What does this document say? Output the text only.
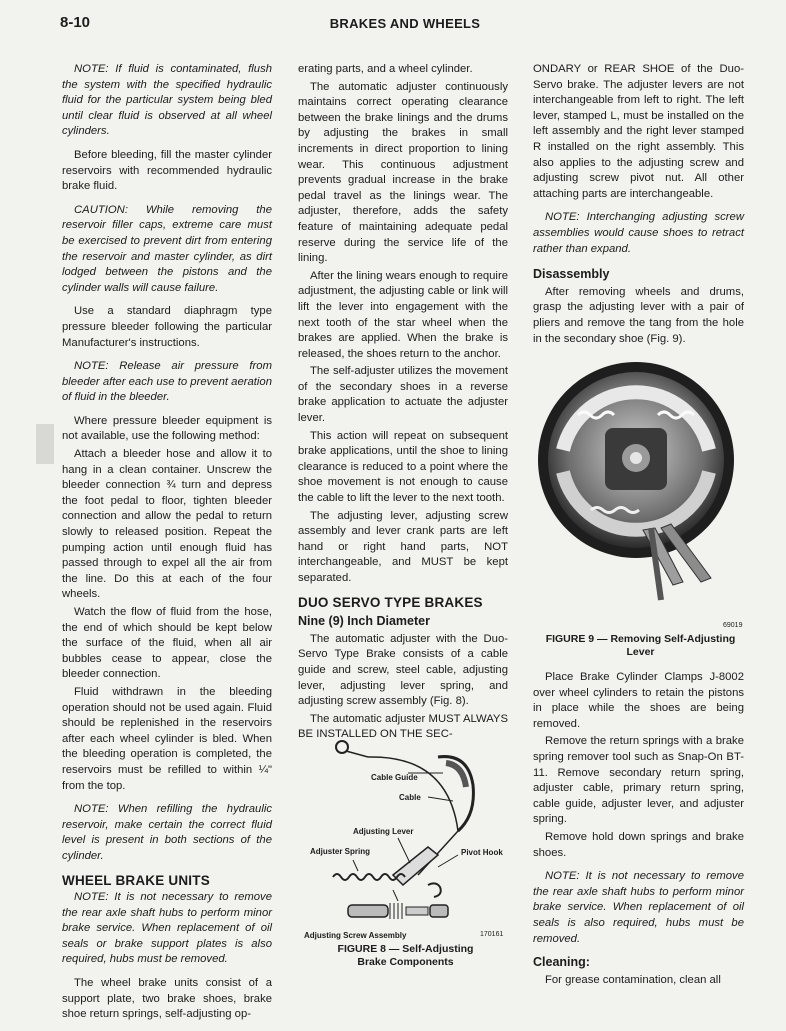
8-10	BRAKES AND WHEELS

NOTE: If fluid is contaminated, flush the system with the specified hydraulic fluid for the particular system being bled until clear fluid is observed at all wheel cylinders.

Before bleeding, fill the master cylinder reservoirs with recommended hydraulic brake fluid.

CAUTION: While removing the reservoir filler caps, extreme care must be exercised to prevent dirt from entering the reservoir and master cylinder, as dirt lodged between the pistons and the cylinder walls will cause failure.

Use a standard diaphragm type pressure bleeder following the particular Manufacturer's instructions.

NOTE: Release air pressure from bleeder after each use to prevent aeration of fluid in the bleeder.

Where pressure bleeder equipment is not available, use the following method:

Attach a bleeder hose and allow it to hang in a clean container. Unscrew the bleeder connection ¾ turn and depress the foot pedal to floor, tighten bleeder connection and allow the pedal to return slowly to released position. Repeat the pumping action until enough fluid has passed through to expel all the air from the line. Do this at each of the four wheels.

Watch the flow of fluid from the hose, the end of which should be kept below the surface of the fluid, when all air bubbles cease to appear, close the bleeder connection.

Fluid withdrawn in the bleeding operation should not be used again. Fluid should be replenished in the reservoirs after each wheel cylinder is bled. When the bleeding operation is completed, the reservoirs must be refilled to within ¼" from the top.

NOTE: When refilling the hydraulic reservoir, make certain the correct fluid level is present in both sections of the cylinder.

WHEEL BRAKE UNITS

NOTE: It is not necessary to remove the rear axle shaft hubs to perform minor brake service. When replacement of oil seals or brake support plates is also required, hubs must be removed.

The wheel brake units consist of a support plate, two brake shoes, brake shoe return springs, self-adjusting op-

erating parts, and a wheel cylinder.

The automatic adjuster continuously maintains correct operating clearance between the brake linings and the drums by adjusting the brakes in small increments in direct proportion to lining wear. This continuous adjustment prevents gradual increase in the brake pedal travel as the linings wear. The adjuster, therefore, adds the safety feature of maintaining adequate pedal reserve during the service life of the lining.

After the lining wears enough to require adjustment, the adjusting cable or link will lift the lever into engagement with the next tooth of the star wheel when the brakes are applied. When the brake is released, the shoes return to the anchor.

The self-adjuster utilizes the movement of the secondary shoes in a reverse brake application to actuate the adjuster lever.

This action will repeat on subsequent brake applications, until the shoe to lining clearance is reduced to a point where the shoe movement is not enough to cause the cable to lift the lever to the next tooth.

The adjusting lever, adjusting screw assembly and lever crank parts are left hand or right hand parts, NOT interchangeable, and MUST be kept separated.

DUO SERVO TYPE BRAKES
Nine (9) Inch Diameter

The automatic adjuster with the Duo-Servo Type Brake consists of a cable guide and screw, steel cable, adjusting lever, adjusting lever spring, and adjusting screw assembly (Fig. 8).

The automatic adjuster MUST ALWAYS BE INSTALLED ON THE SEC-

Cable Guide
Cable
Adjusting Lever
Adjuster Spring	Pivot Hook
Adjusting Screw Assembly	170161
FIGURE 8 — Self-Adjusting
Brake Components

ONDARY or REAR SHOE of the Duo-Servo brake. The adjuster levers are not interchangeable from left to right. The left lever, stamped L, must be installed on the left assembly and the right lever stamped R installed on the right assembly. This also applies to the adjusting screw and adjusting screw pivot nut. All other attaching parts are interchangeable.

NOTE: Interchanging adjusting screw assemblies would cause shoes to retract rather than expand.

Disassembly

After removing wheels and drums, grasp the adjusting lever with a pair of pliers and remove the tang from the hole in the secondary shoe (Fig. 9).

69019
FIGURE 9 — Removing Self-Adjusting
Lever

Place Brake Cylinder Clamps J-8002 over wheel cylinders to retain the pistons in place while the shoes are being removed.

Remove the return springs with a brake spring remover tool such as Snap-On BT-11. Remove secondary return spring, adjuster cable, primary return spring, cable guide, adjuster lever, and adjuster spring.

Remove hold down springs and brake shoes.

NOTE: It is not necessary to remove the rear axle shaft hubs to perform minor brake service. When replacement of oil seals is also required, hubs must be removed.

Cleaning:

For grease contamination, clean all
